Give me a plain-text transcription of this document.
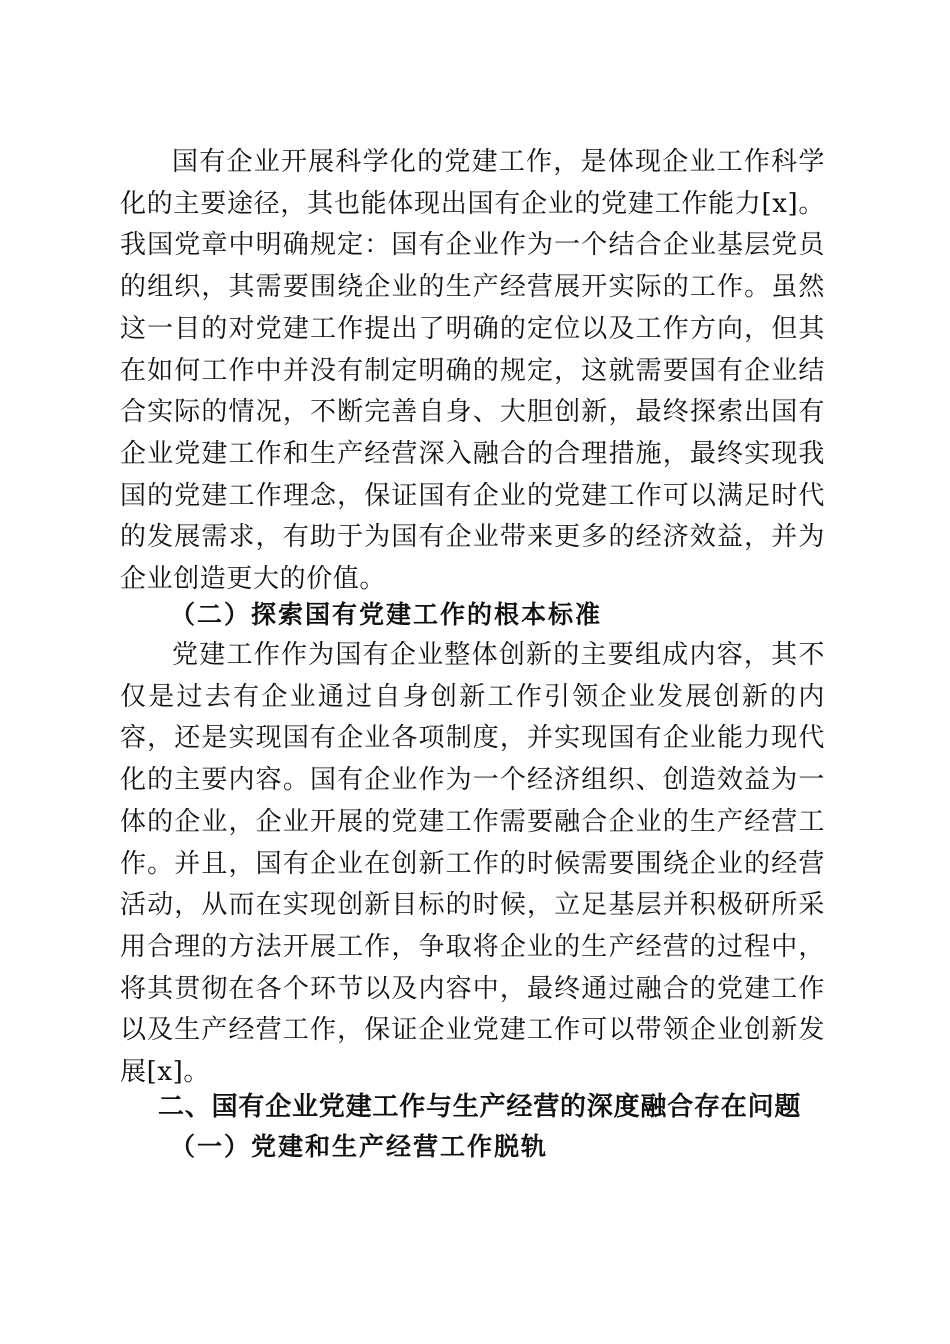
国有企业开展科学化的党建工作，是体现企业工作科学化的主要途径，其也能体现出国有企业的党建工作能力[x]。我国党章中明确规定：国有企业作为一个结合企业基层党员的组织，其需要围绕企业的生产经营展开实际的工作。虽然这一目的对党建工作提出了明确的定位以及工作方向，但其在如何工作中并没有制定明确的规定，这就需要国有企业结合实际的情况，不断完善自身、大胆创新，最终探索出国有企业党建工作和生产经营深入融合的合理措施，最终实现我国的党建工作理念，保证国有企业的党建工作可以满足时代的发展需求，有助于为国有企业带来更多的经济效益，并为企业创造更大的价值。

（二）探索国有党建工作的根本标准

党建工作作为国有企业整体创新的主要组成内容，其不仅是过去有企业通过自身创新工作引领企业发展创新的内容，还是实现国有企业各项制度，并实现国有企业能力现代化的主要内容。国有企业作为一个经济组织、创造效益为一体的企业，企业开展的党建工作需要融合企业的生产经营工作。并且，国有企业在创新工作的时候需要围绕企业的经营活动，从而在实现创新目标的时候，立足基层并积极研所采用合理的方法开展工作，争取将企业的生产经营的过程中，将其贯彻在各个环节以及内容中，最终通过融合的党建工作以及生产经营工作，保证企业党建工作可以带领企业创新发展[x]。

二、国有企业党建工作与生产经营的深度融合存在问题

（一）党建和生产经营工作脱轨
